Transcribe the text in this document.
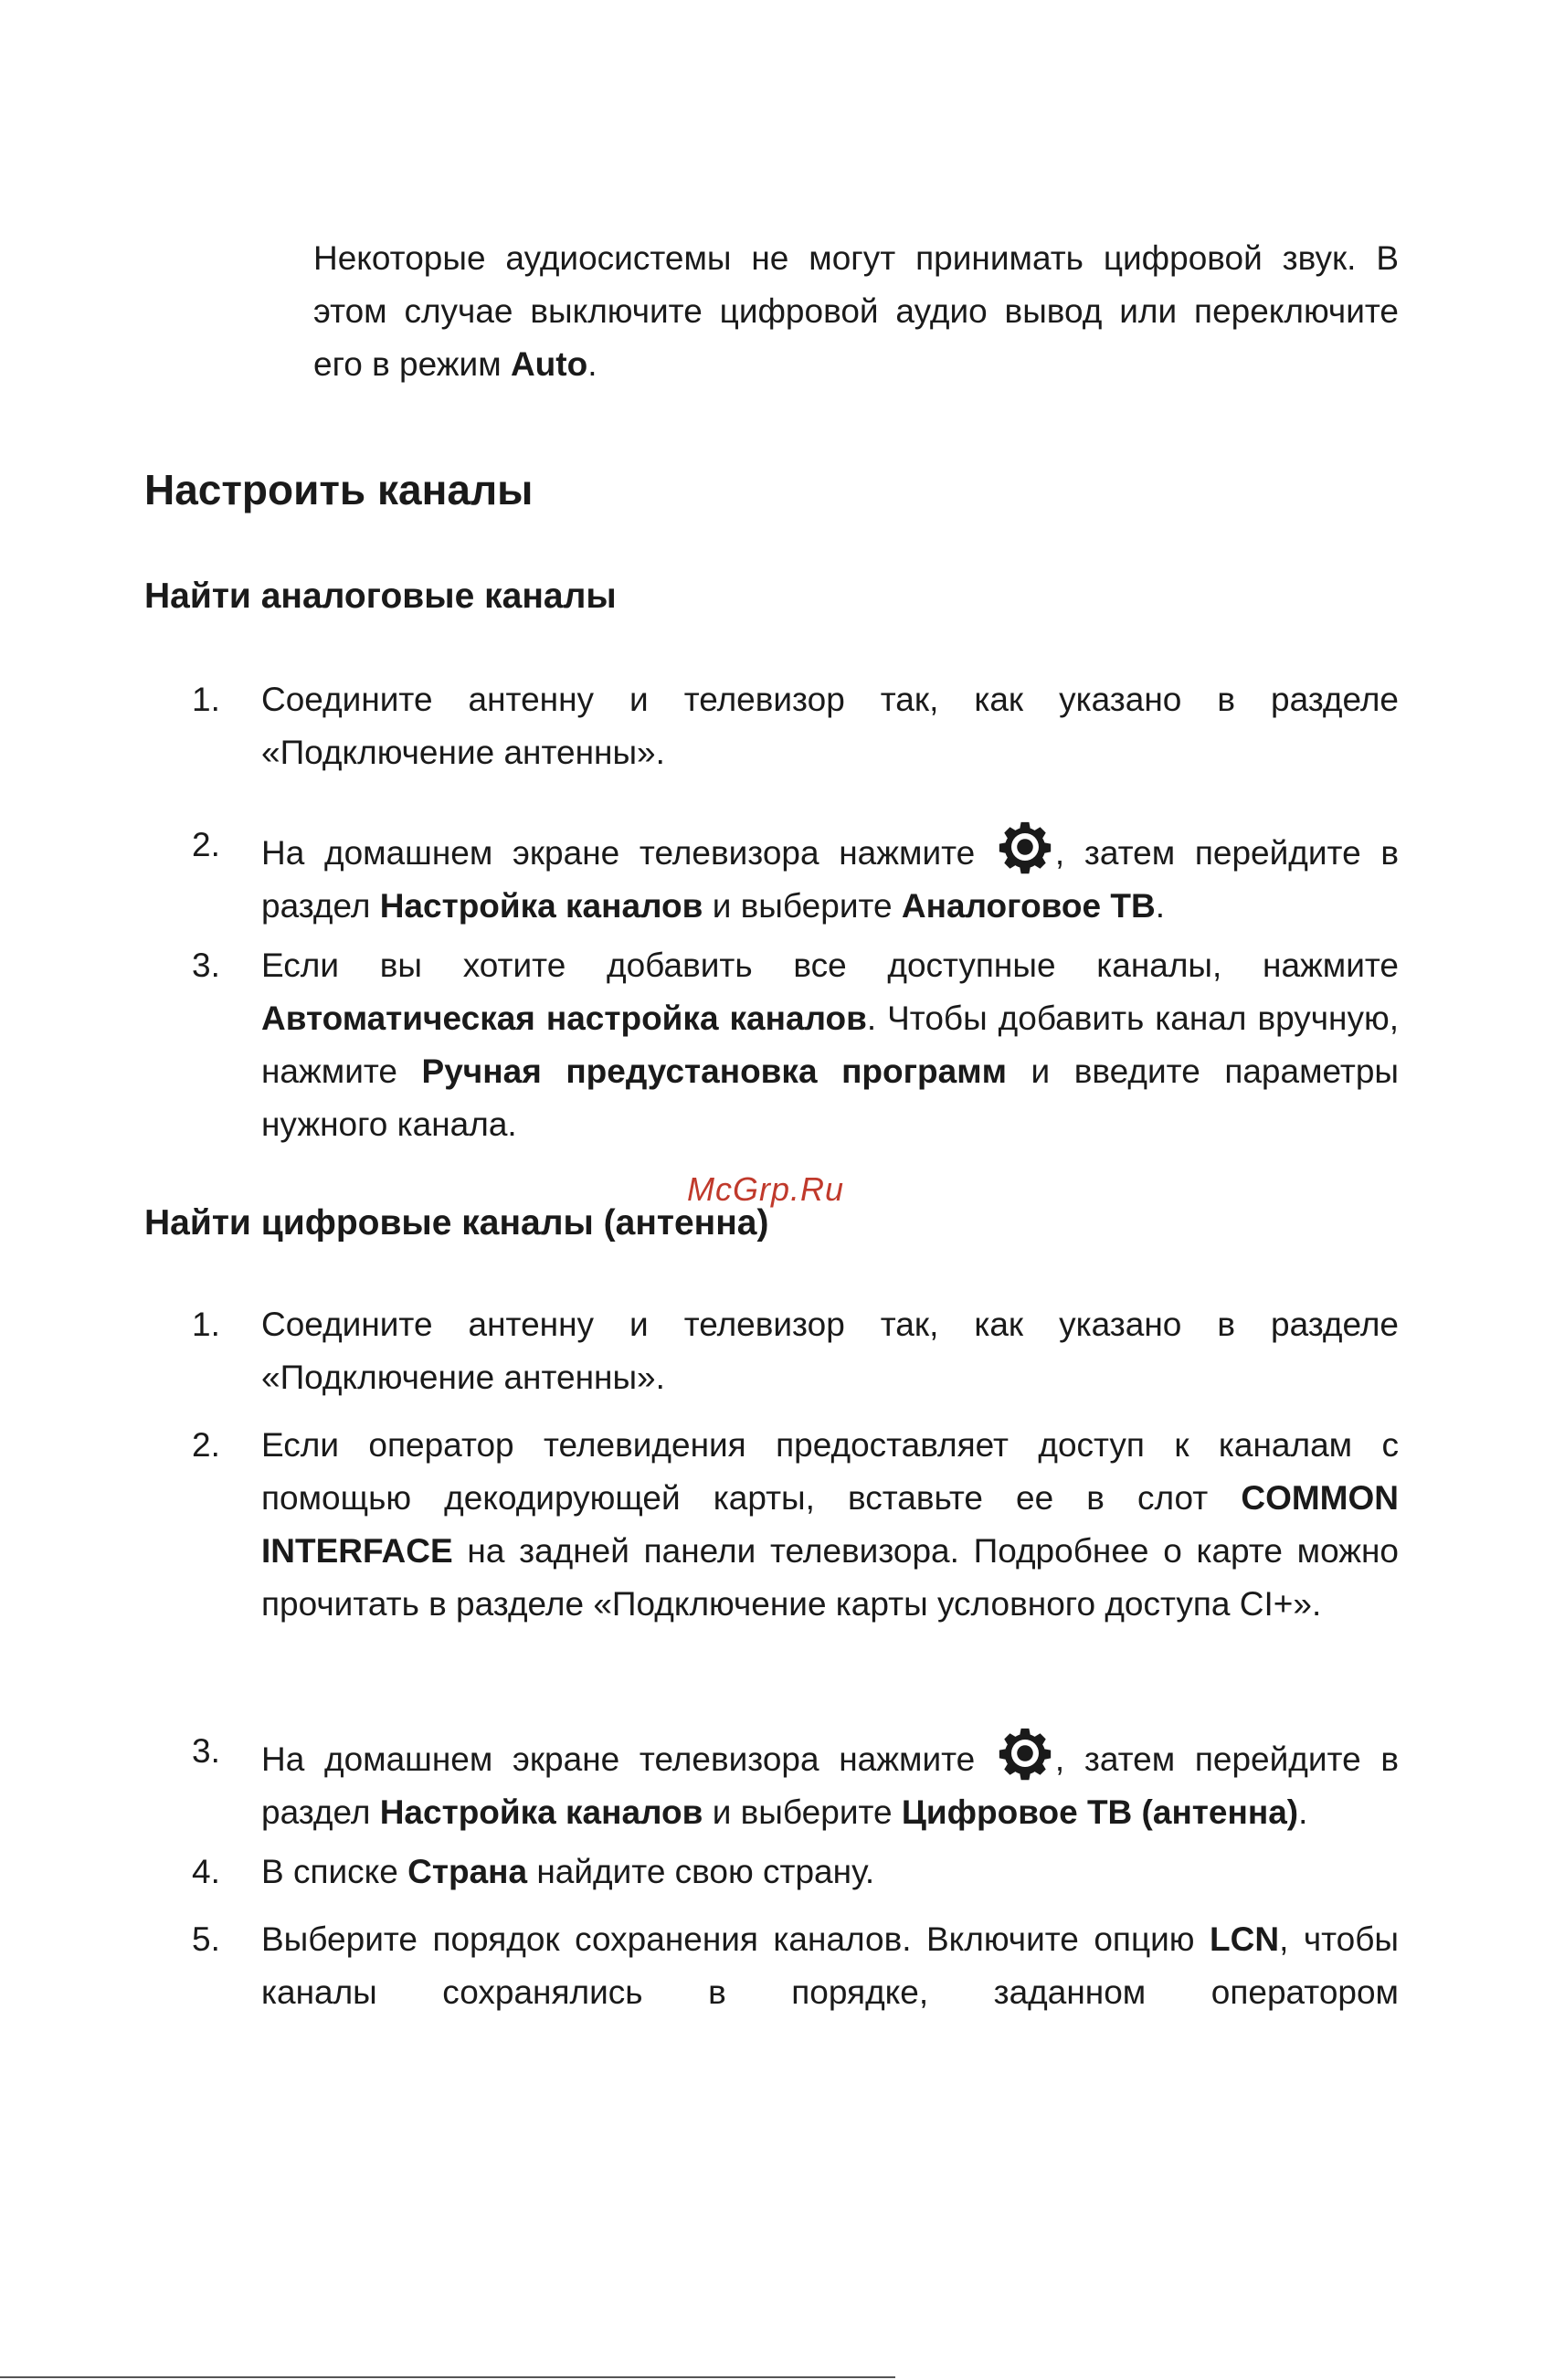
Некоторые аудиосистемы не могут принимать цифровой звук. В этом случае выключите цифровой аудио вывод или переключите его в режим Auto.

Настроить каналы
Найти аналоговые каналы
1. Соедините антенну и телевизор так, как указано в разделе «Подключение антенны».

2. На домашнем экране телевизора нажмите , затем перейдите в раздел Настройка каналов и выберите Аналоговое ТВ.

3. Если вы хотите добавить все доступные каналы, нажмите Автоматическая настройка каналов. Чтобы добавить канал вручную, нажмите Ручная предустановка программ и введите параметры нужного канала.

McGrp.Ru
Найти цифровые каналы (антенна)
1. Соедините антенну и телевизор так, как указано в разделе «Подключение антенны».

2. Если оператор телевидения предоставляет доступ к каналам с помощью декодирующей карты, вставьте ее в слот COMMON INTERFACE на задней панели телевизора. Подробнее о карте можно прочитать в разделе «Подключение карты условного доступа CI+».

3. На домашнем экране телевизора нажмите , затем перейдите в раздел Настройка каналов и выберите Цифровое ТВ (антенна).

4. В списке Страна найдите свою страну.

5. Выберите порядок сохранения каналов. Включите опцию LCN, чтобы каналы сохранялись в порядке, заданном оператором
